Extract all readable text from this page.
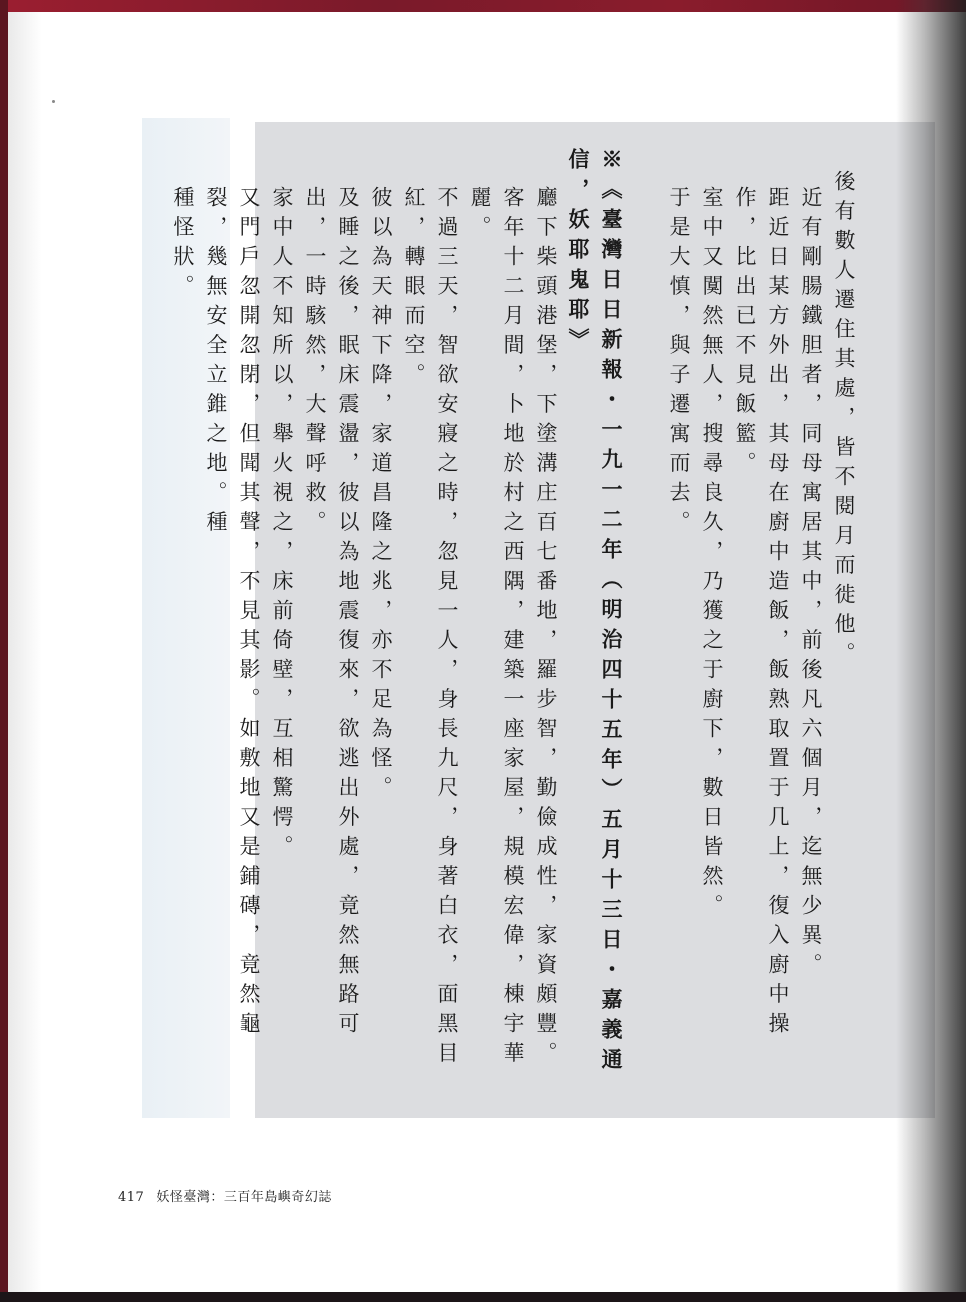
後有數人遷住其處，皆不閱月而徙他。
近有剛腸鐵胆者，同母寓居其中，前後凡六個月，迄無少異。
距近日某方外出，其母在廚中造飯，飯熟取置于几上，復入廚中操作，比出已不見飯籃。
室中又闃然無人，搜尋良久，乃獲之于廚下，數日皆然。
于是大慎，與子遷寓而去。
※《臺灣日日新報・一九一二年（明治四十五年）五月十三日・嘉義通信，妖耶鬼耶》
廳下柴頭港堡，下塗溝庄百七番地，羅步智，勤儉成性，家資頗豐。
客年十二月間，卜地於村之西隅，建築一座家屋，規模宏偉，棟宇華麗。
不過三天，智欲安寢之時，忽見一人，身長九尺，身著白衣，面黑目紅，轉眼而空。
彼以為天神下降，家道昌隆之兆，亦不足為怪。
及睡之後，眠床震盪，彼以為地震復來，欲逃出外處，竟然無路可出，一時駭然，大聲呼救。
家中人不知所以，舉火視之，床前倚壁，互相驚愕。
又門戶忽開忽閉，但聞其聲，不見其影。如敷地又是鋪磚，竟然龜裂，幾無安全立錐之地。種
種怪狀。
417 妖怪臺灣：三百年島嶼奇幻誌
